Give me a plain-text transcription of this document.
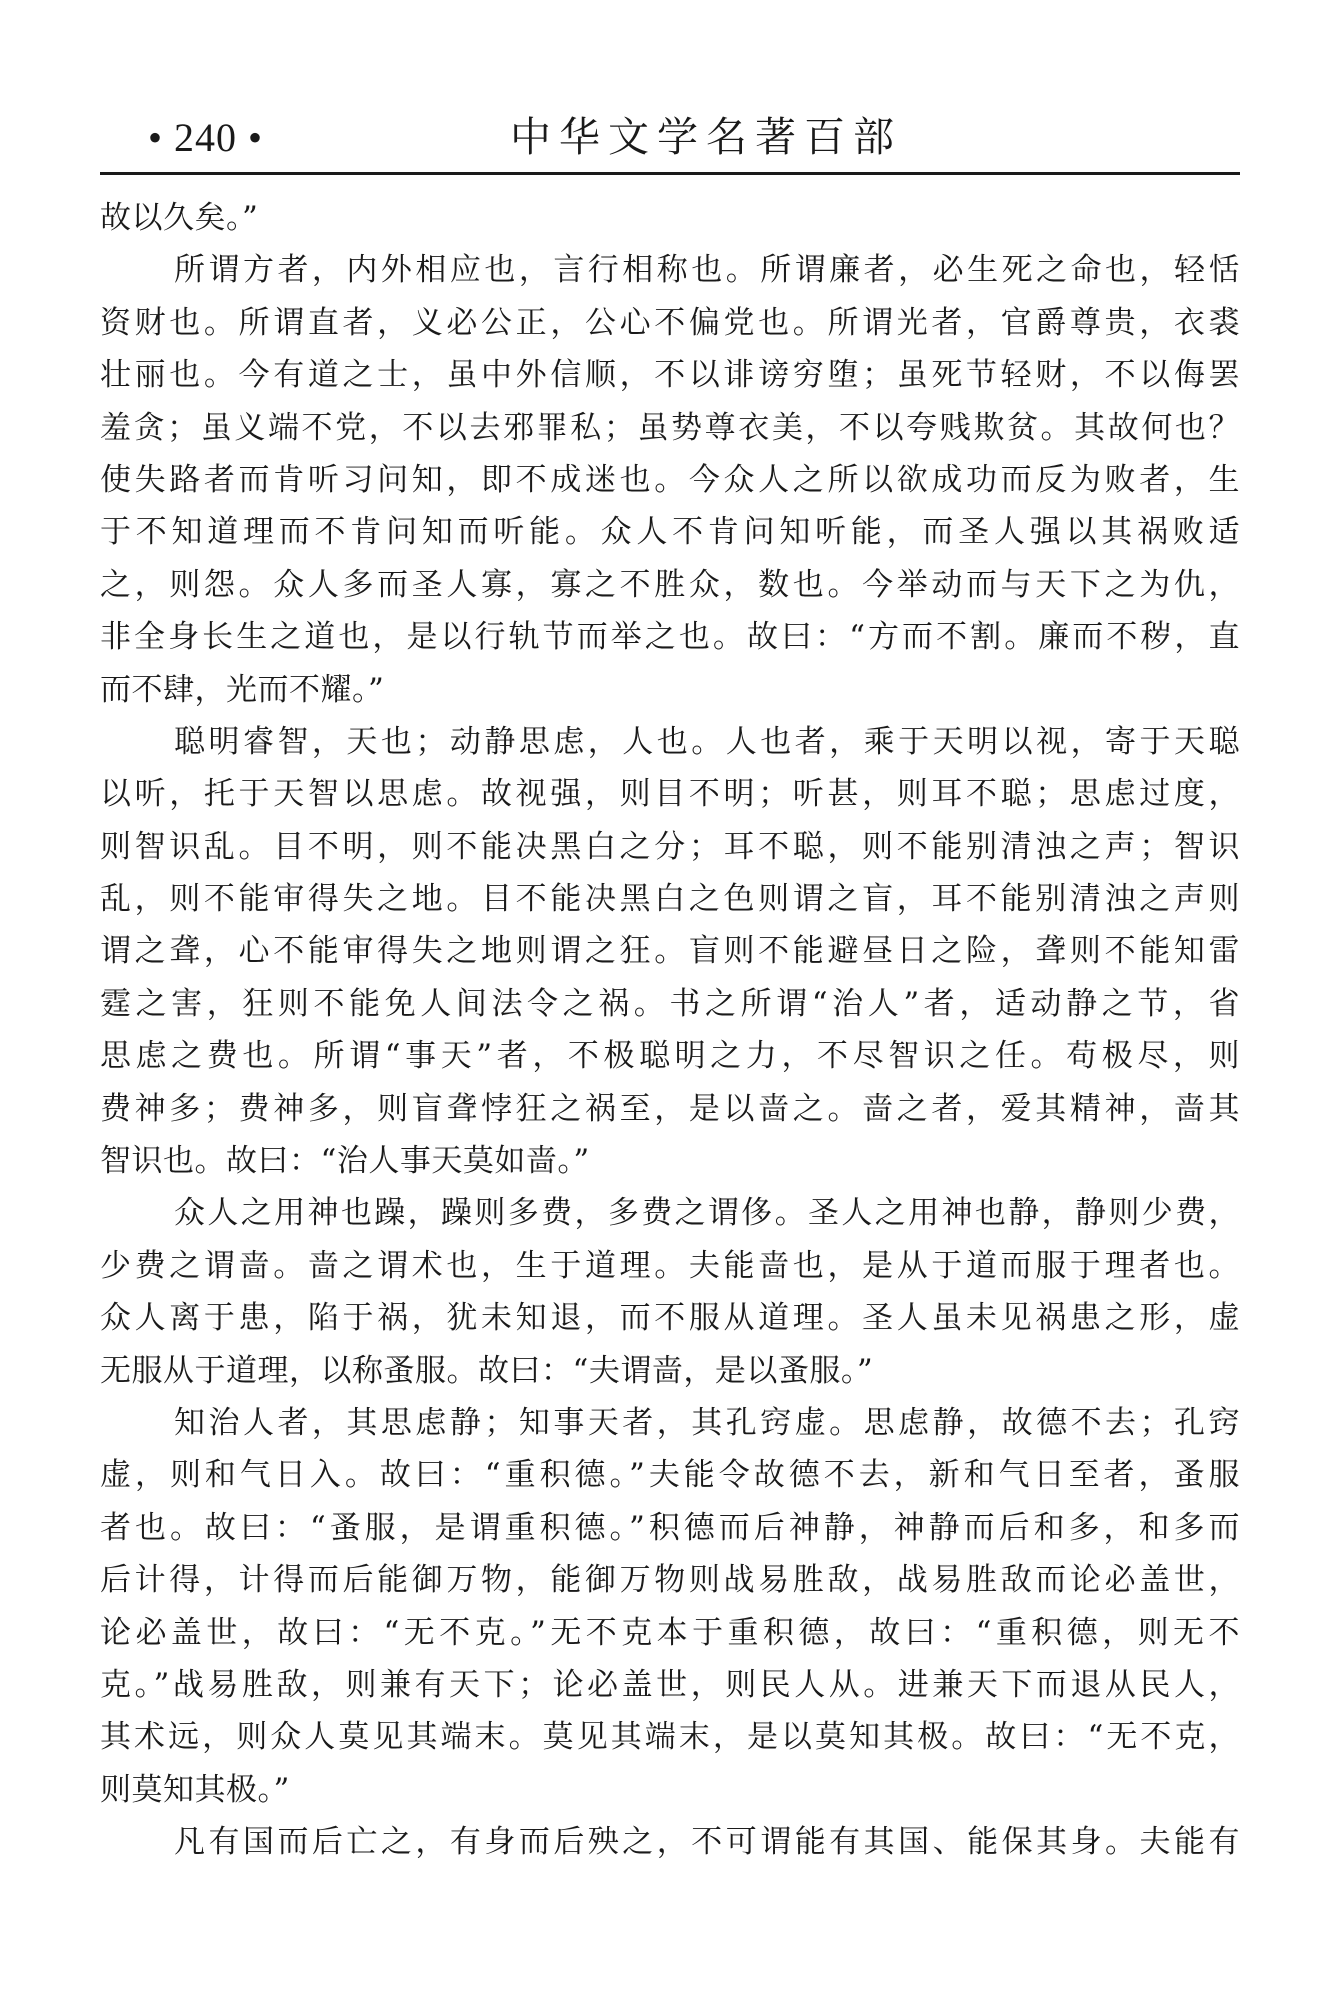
• 240 •	中华文学名著百部
故以久矣。”
所谓方者，内外相应也，言行相称也。所谓廉者，必生死之命也，轻恬
资财也。所谓直者，义必公正，公心不偏党也。所谓光者，官爵尊贵，衣裘
壮丽也。今有道之士，虽中外信顺，不以诽谤穷堕；虽死节轻财，不以侮罢
羞贪；虽义端不党，不以去邪罪私；虽势尊衣美，不以夸贱欺贫。其故何也？
使失路者而肯听习问知，即不成迷也。今众人之所以欲成功而反为败者，生
于不知道理而不肯问知而听能。众人不肯问知听能，而圣人强以其祸败适
之，则怨。众人多而圣人寡，寡之不胜众，数也。今举动而与天下之为仇，
非全身长生之道也，是以行轨节而举之也。故曰：“方而不割。廉而不秽，直
而不肆，光而不耀。”
聪明睿智，天也；动静思虑，人也。人也者，乘于天明以视，寄于天聪
以听，托于天智以思虑。故视强，则目不明；听甚，则耳不聪；思虑过度，
则智识乱。目不明，则不能决黑白之分；耳不聪，则不能别清浊之声；智识
乱，则不能审得失之地。目不能决黑白之色则谓之盲，耳不能别清浊之声则
谓之聋，心不能审得失之地则谓之狂。盲则不能避昼日之险，聋则不能知雷
霆之害，狂则不能免人间法令之祸。书之所谓“治人”者，适动静之节，省
思虑之费也。所谓“事天”者，不极聪明之力，不尽智识之任。苟极尽，则
费神多；费神多，则盲聋悖狂之祸至，是以啬之。啬之者，爱其精神，啬其
智识也。故曰：“治人事天莫如啬。”
众人之用神也躁，躁则多费，多费之谓侈。圣人之用神也静，静则少费，
少费之谓啬。啬之谓术也，生于道理。夫能啬也，是从于道而服于理者也。
众人离于患，陷于祸，犹未知退，而不服从道理。圣人虽未见祸患之形，虚
无服从于道理，以称蚤服。故曰：“夫谓啬，是以蚤服。”
知治人者，其思虑静；知事天者，其孔窍虚。思虑静，故德不去；孔窍
虚，则和气日入。故曰：“重积德。”夫能令故德不去，新和气日至者，蚤服
者也。故曰：“蚤服，是谓重积德。”积德而后神静，神静而后和多，和多而
后计得，计得而后能御万物，能御万物则战易胜敌，战易胜敌而论必盖世，
论必盖世，故曰：“无不克。”无不克本于重积德，故曰：“重积德，则无不
克。”战易胜敌，则兼有天下；论必盖世，则民人从。进兼天下而退从民人，
其术远，则众人莫见其端末。莫见其端末，是以莫知其极。故曰：“无不克，
则莫知其极。”
凡有国而后亡之，有身而后殃之，不可谓能有其国、能保其身。夫能有
